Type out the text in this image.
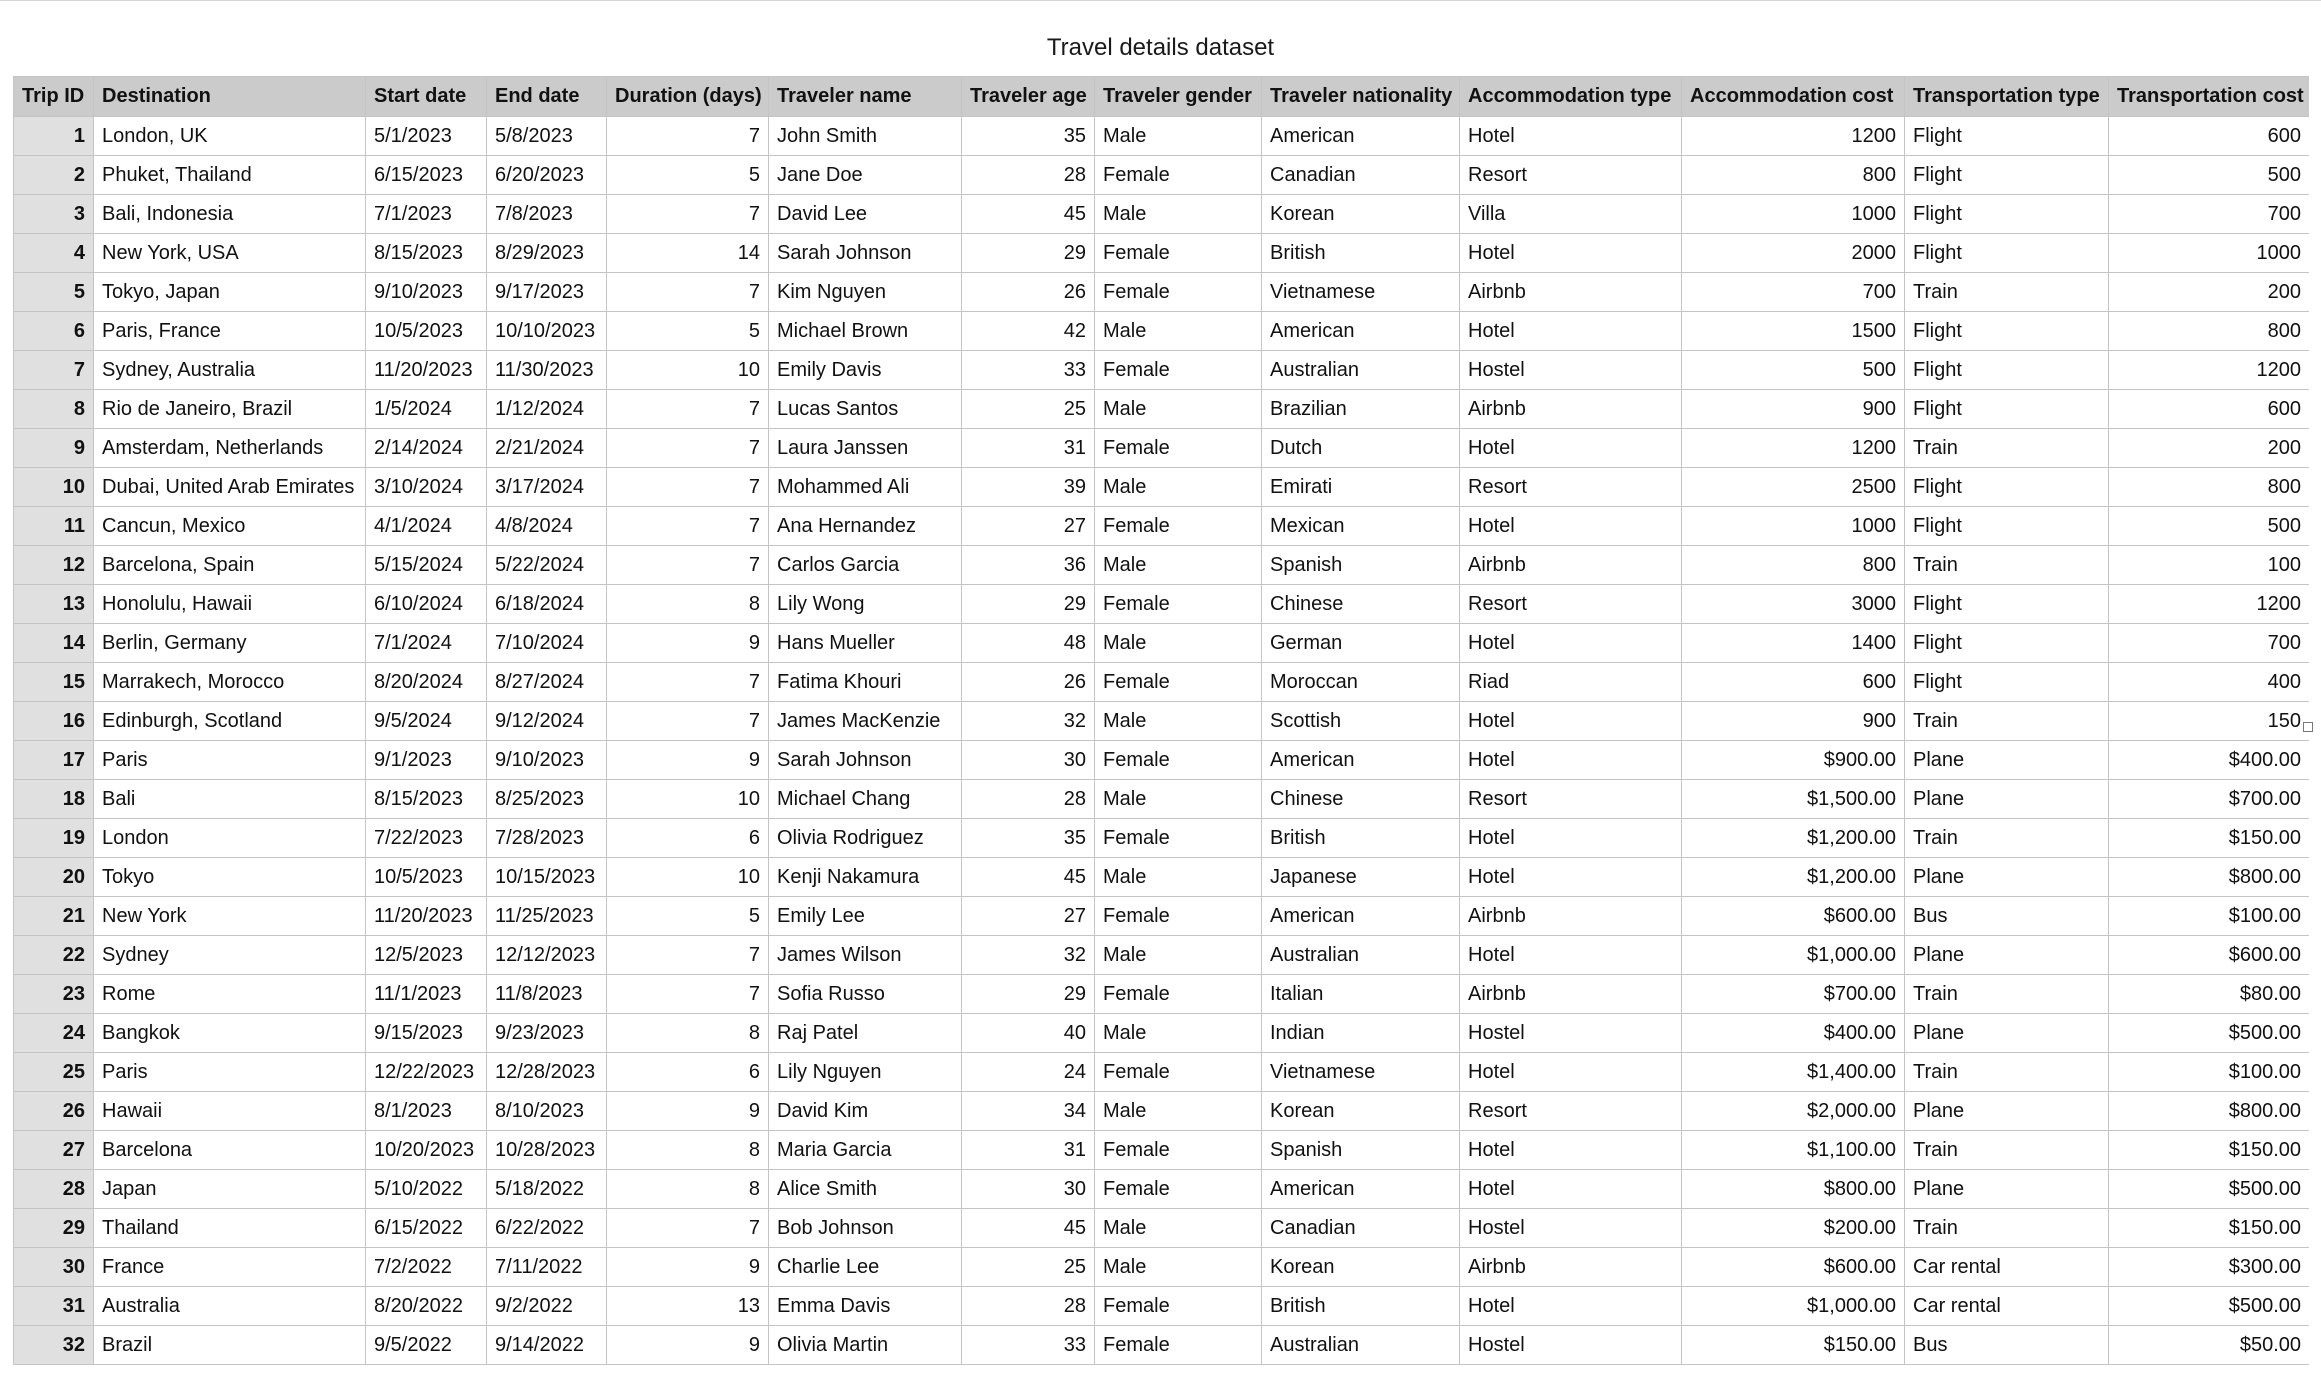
Travel details dataset
Trip ID	Destination	Start date	End date	Duration (days)	Traveler name	Traveler age	Traveler gender	Traveler nationality	Accommodation type	Accommodation cost	Transportation type	Transportation cost
1	London, UK	5/1/2023	5/8/2023	7	John Smith	35	Male	American	Hotel	1200	Flight	600
2	Phuket, Thailand	6/15/2023	6/20/2023	5	Jane Doe	28	Female	Canadian	Resort	800	Flight	500
3	Bali, Indonesia	7/1/2023	7/8/2023	7	David Lee	45	Male	Korean	Villa	1000	Flight	700
4	New York, USA	8/15/2023	8/29/2023	14	Sarah Johnson	29	Female	British	Hotel	2000	Flight	1000
5	Tokyo, Japan	9/10/2023	9/17/2023	7	Kim Nguyen	26	Female	Vietnamese	Airbnb	700	Train	200
6	Paris, France	10/5/2023	10/10/2023	5	Michael Brown	42	Male	American	Hotel	1500	Flight	800
7	Sydney, Australia	11/20/2023	11/30/2023	10	Emily Davis	33	Female	Australian	Hostel	500	Flight	1200
8	Rio de Janeiro, Brazil	1/5/2024	1/12/2024	7	Lucas Santos	25	Male	Brazilian	Airbnb	900	Flight	600
9	Amsterdam, Netherlands	2/14/2024	2/21/2024	7	Laura Janssen	31	Female	Dutch	Hotel	1200	Train	200
10	Dubai, United Arab Emirates	3/10/2024	3/17/2024	7	Mohammed Ali	39	Male	Emirati	Resort	2500	Flight	800
11	Cancun, Mexico	4/1/2024	4/8/2024	7	Ana Hernandez	27	Female	Mexican	Hotel	1000	Flight	500
12	Barcelona, Spain	5/15/2024	5/22/2024	7	Carlos Garcia	36	Male	Spanish	Airbnb	800	Train	100
13	Honolulu, Hawaii	6/10/2024	6/18/2024	8	Lily Wong	29	Female	Chinese	Resort	3000	Flight	1200
14	Berlin, Germany	7/1/2024	7/10/2024	9	Hans Mueller	48	Male	German	Hotel	1400	Flight	700
15	Marrakech, Morocco	8/20/2024	8/27/2024	7	Fatima Khouri	26	Female	Moroccan	Riad	600	Flight	400
16	Edinburgh, Scotland	9/5/2024	9/12/2024	7	James MacKenzie	32	Male	Scottish	Hotel	900	Train	150
17	Paris	9/1/2023	9/10/2023	9	Sarah Johnson	30	Female	American	Hotel	$900.00	Plane	$400.00
18	Bali	8/15/2023	8/25/2023	10	Michael Chang	28	Male	Chinese	Resort	$1,500.00	Plane	$700.00
19	London	7/22/2023	7/28/2023	6	Olivia Rodriguez	35	Female	British	Hotel	$1,200.00	Train	$150.00
20	Tokyo	10/5/2023	10/15/2023	10	Kenji Nakamura	45	Male	Japanese	Hotel	$1,200.00	Plane	$800.00
21	New York	11/20/2023	11/25/2023	5	Emily Lee	27	Female	American	Airbnb	$600.00	Bus	$100.00
22	Sydney	12/5/2023	12/12/2023	7	James Wilson	32	Male	Australian	Hotel	$1,000.00	Plane	$600.00
23	Rome	11/1/2023	11/8/2023	7	Sofia Russo	29	Female	Italian	Airbnb	$700.00	Train	$80.00
24	Bangkok	9/15/2023	9/23/2023	8	Raj Patel	40	Male	Indian	Hostel	$400.00	Plane	$500.00
25	Paris	12/22/2023	12/28/2023	6	Lily Nguyen	24	Female	Vietnamese	Hotel	$1,400.00	Train	$100.00
26	Hawaii	8/1/2023	8/10/2023	9	David Kim	34	Male	Korean	Resort	$2,000.00	Plane	$800.00
27	Barcelona	10/20/2023	10/28/2023	8	Maria Garcia	31	Female	Spanish	Hotel	$1,100.00	Train	$150.00
28	Japan	5/10/2022	5/18/2022	8	Alice Smith	30	Female	American	Hotel	$800.00	Plane	$500.00
29	Thailand	6/15/2022	6/22/2022	7	Bob Johnson	45	Male	Canadian	Hostel	$200.00	Train	$150.00
30	France	7/2/2022	7/11/2022	9	Charlie Lee	25	Male	Korean	Airbnb	$600.00	Car rental	$300.00
31	Australia	8/20/2022	9/2/2022	13	Emma Davis	28	Female	British	Hotel	$1,000.00	Car rental	$500.00
32	Brazil	9/5/2022	9/14/2022	9	Olivia Martin	33	Female	Australian	Hostel	$150.00	Bus	$50.00
